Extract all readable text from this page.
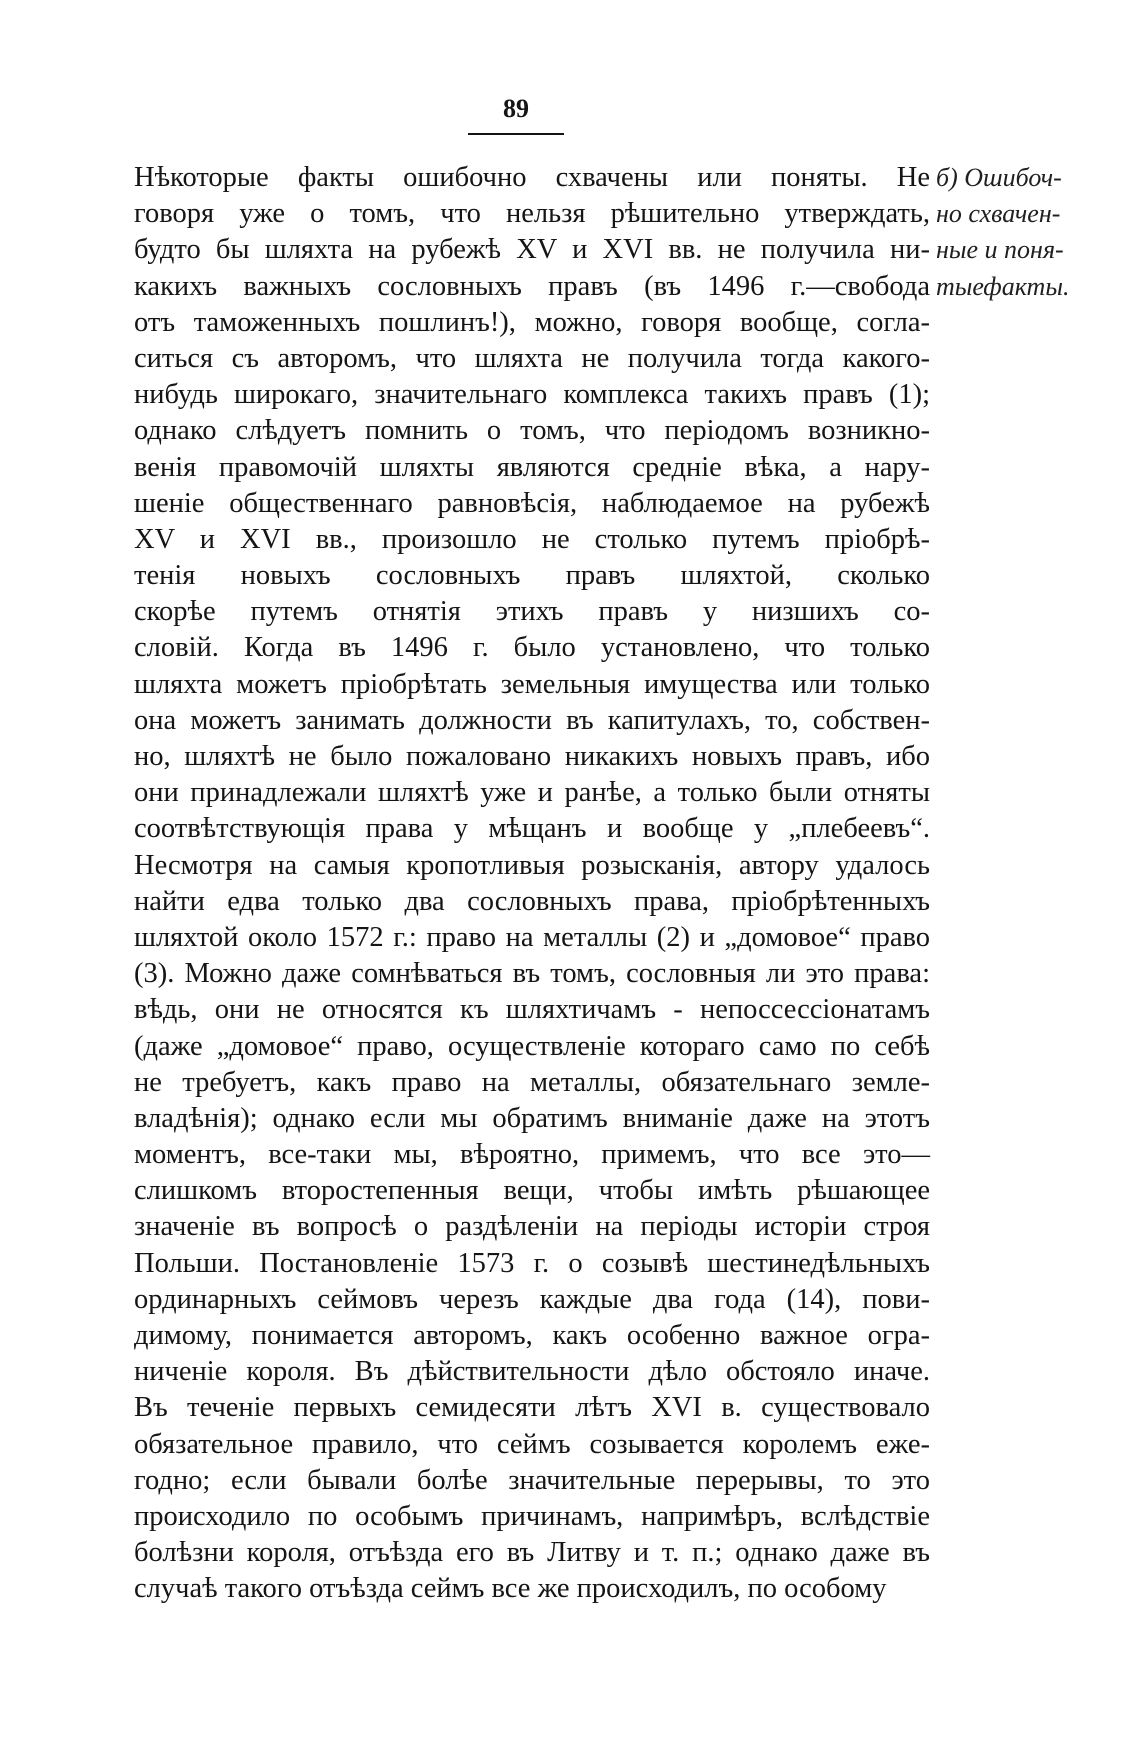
89
Нѣкоторые факты ошибочно схвачены или поняты. Не
говоря уже о томъ, что нельзя рѣшительно утверждать,
будто бы шляхта на рубежѣ XV и XVI вв. не получила ни-
какихъ важныхъ сословныхъ правъ (въ 1496 г.—свобода
отъ таможенныхъ пошлинъ!), можно, говоря вообще, согла-
ситься съ авторомъ, что шляхта не получила тогда какого-
нибудь широкаго, значительнаго комплекса такихъ правъ (1);
однако слѣдуетъ помнить о томъ, что періодомъ возникно-
венія правомочій шляхты являются средніе вѣка, а нару-
шеніе общественнаго равновѣсія, наблюдаемое на рубежѣ
XV и XVI вв., произошло не столько путемъ пріобрѣ-
тенія новыхъ сословныхъ правъ шляхтой, сколько
скорѣе путемъ отнятія этихъ правъ у низшихъ со-
словій. Когда въ 1496 г. было установлено, что только
шляхта можетъ пріобрѣтать земельныя имущества или только
она можетъ занимать должности въ капитулахъ, то, собствен-
но, шляхтѣ не было пожаловано никакихъ новыхъ правъ, ибо
они принадлежали шляхтѣ уже и ранѣе, а только были отняты
соотвѣтствующія права у мѣщанъ и вообще у „плебеевъ“.
Несмотря на самыя кропотливыя розысканія, автору удалось
найти едва только два сословныхъ права, пріобрѣтенныхъ
шляхтой около 1572 г.: право на металлы (2) и „домовое“ право
(3). Можно даже сомнѣваться въ томъ, сословныя ли это права:
вѣдь, они не относятся къ шляхтичамъ - непоссессіонатамъ
(даже „домовое“ право, осуществленіе котораго само по себѣ
не требуетъ, какъ право на металлы, обязательнаго земле-
владѣнія); однако если мы обратимъ вниманіе даже на этотъ
моментъ, все-таки мы, вѣроятно, примемъ, что все это—
слишкомъ второстепенныя вещи, чтобы имѣть рѣшающее
значеніе въ вопросѣ о раздѣленіи на періоды исторіи строя
Польши. Постановленіе 1573 г. о созывѣ шестинедѣльныхъ
ординарныхъ сеймовъ черезъ каждые два года (14), пови-
димому, понимается авторомъ, какъ особенно важное огра-
ниченіе короля. Въ дѣйствительности дѣло обстояло иначе.
Въ теченіе первыхъ семидесяти лѣтъ XVI в. существовало
обязательное правило, что сеймъ созывается королемъ еже-
годно; если бывали болѣе значительные перерывы, то это
происходило по особымъ причинамъ, напримѣръ, вслѣдствіе
болѣзни короля, отъѣзда его въ Литву и т. п.; однако даже въ
случаѣ такого отъѣзда сеймъ все же происходилъ, по особому
б) Ошибоч-
но схвачен-
ные и поня-
тыефакты.
